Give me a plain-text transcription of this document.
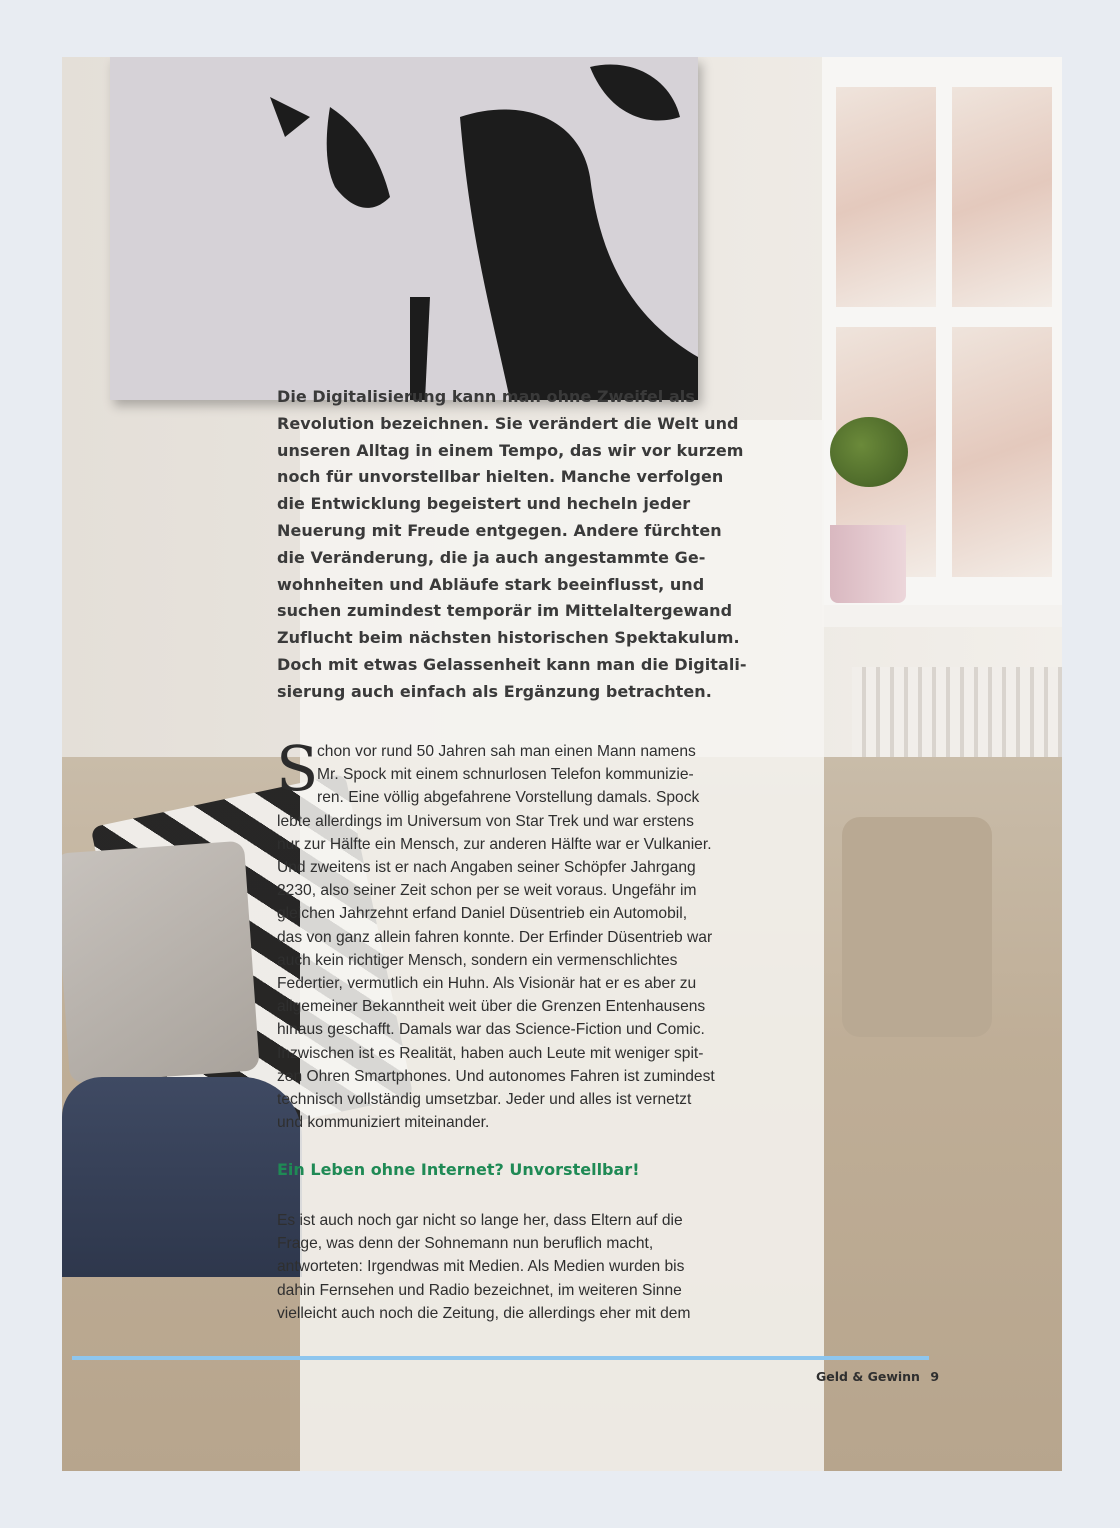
Die Digitalisierung kann man ohne Zweifel als
Revolution bezeichnen. Sie verändert die Welt und
unseren Alltag in einem Tempo, das wir vor kurzem
noch für unvorstellbar hielten. Manche verfolgen
die Entwicklung begeistert und hecheln jeder
Neuerung mit Freude entgegen. Andere fürchten
die Veränderung, die ja auch angestammte Ge-
wohnheiten und Abläufe stark beeinflusst, und
suchen zumindest temporär im Mittelaltergewand
Zuflucht beim nächsten historischen Spektakulum.
Doch mit etwas Gelassenheit kann man die Digitali-
sierung auch einfach als Ergänzung betrachten.
S
chon vor rund 50 Jahren sah man einen Mann namens
Mr. Spock mit einem schnurlosen Telefon kommunizie-
ren. Eine völlig abgefahrene Vorstellung damals. Spock
lebte allerdings im Universum von Star Trek und war erstens
nur zur Hälfte ein Mensch, zur anderen Hälfte war er Vulkanier.
Und zweitens ist er nach Angaben seiner Schöpfer Jahrgang
2230, also seiner Zeit schon per se weit voraus. Ungefähr im
gleichen Jahrzehnt erfand Daniel Düsentrieb ein Automobil,
das von ganz allein fahren konnte. Der Erfinder Düsentrieb war
auch kein richtiger Mensch, sondern ein vermenschlichtes
Federtier, vermutlich ein Huhn. Als Visionär hat er es aber zu
allgemeiner Bekanntheit weit über die Grenzen Entenhausens
hinaus geschafft. Damals war das Science-Fiction und Comic.
Inzwischen ist es Realität, haben auch Leute mit weniger spit-
zen Ohren Smartphones. Und autonomes Fahren ist zumindest
technisch vollständig umsetzbar. Jeder und alles ist vernetzt
und kommuniziert miteinander.
Ein Leben ohne Internet? Unvorstellbar!
Es ist auch noch gar nicht so lange her, dass Eltern auf die
Frage, was denn der Sohnemann nun beruflich macht,
antworteten: Irgendwas mit Medien. Als Medien wurden bis
dahin Fernsehen und Radio bezeichnet, im weiteren Sinne
vielleicht auch noch die Zeitung, die allerdings eher mit dem
Geld & Gewinn 9
